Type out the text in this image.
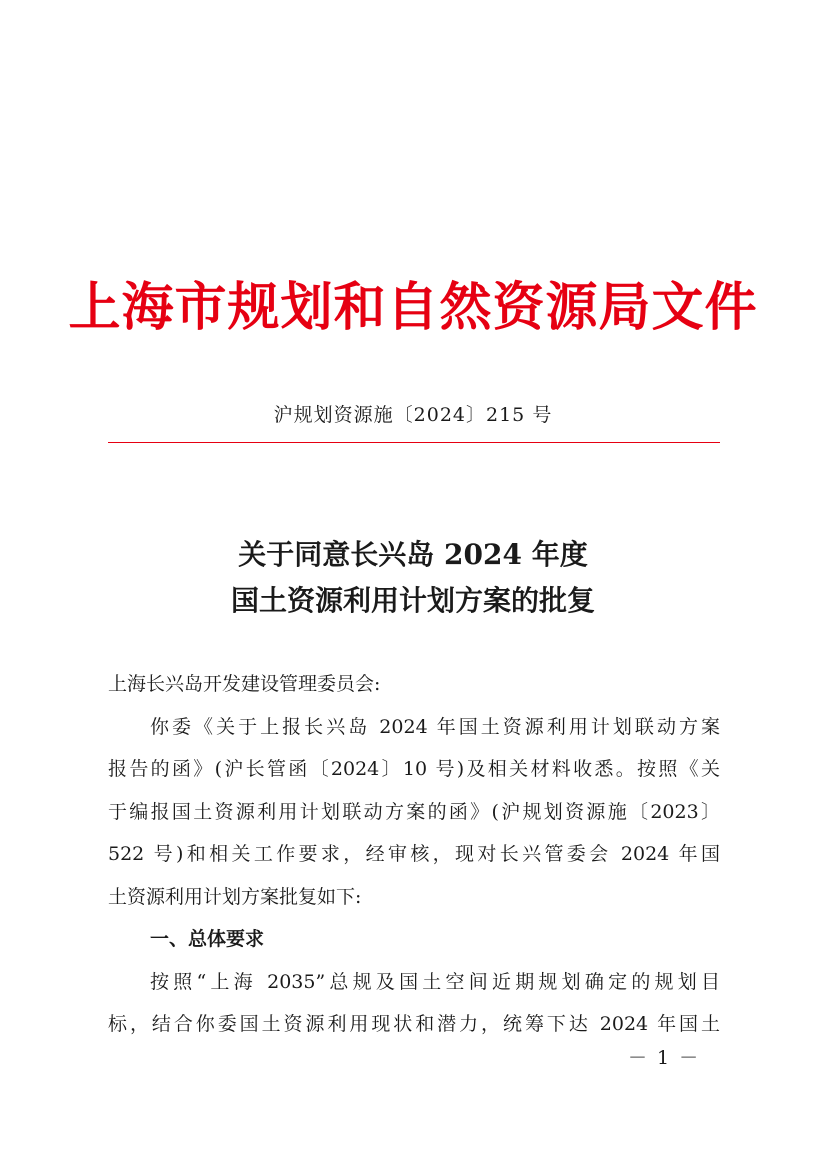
上海市规划和自然资源局文件
沪规划资源施〔2024〕215 号
关于同意长兴岛 2024 年度
国土资源利用计划方案的批复
上海长兴岛开发建设管理委员会:
你委《关于上报长兴岛 2024 年国土资源利用计划联动方案
报告的函》(沪长管函〔2024〕10 号)及相关材料收悉。按照《关
于编报国土资源利用计划联动方案的函》(沪规划资源施〔2023〕
522 号)和相关工作要求，经审核，现对长兴管委会 2024 年国
土资源利用计划方案批复如下:
一、总体要求
按照“上海 2035”总规及国土空间近期规划确定的规划目
标，结合你委国土资源利用现状和潜力，统筹下达 2024 年国土
－ 1 －
